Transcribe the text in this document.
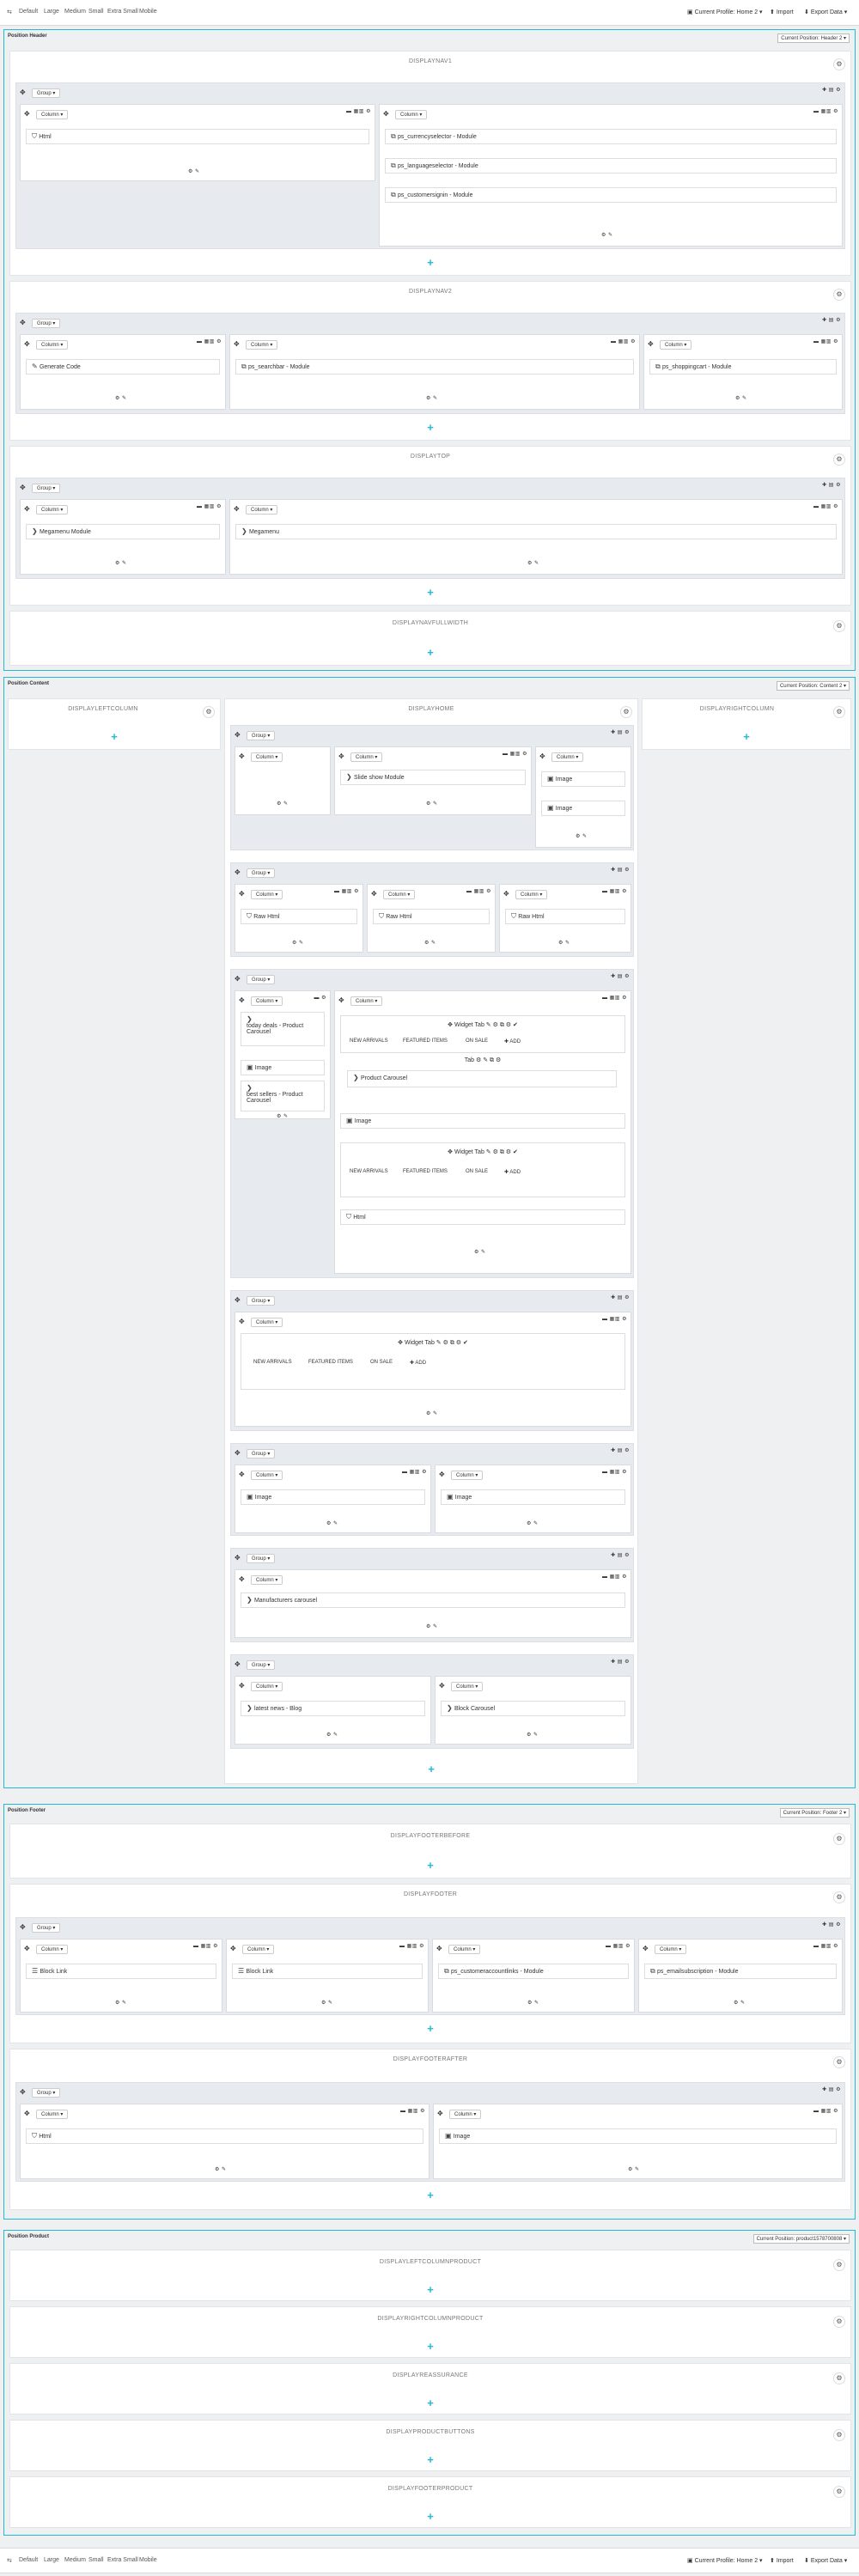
⇆ Default Large Medium Small Extra Small Mobile	▣ Current Profile: Home 2 ▾ ⬆ Import ⬇ Export Data ▾
Position Header	Current Position: Header 2 ▾
DISPLAYNAV1	⚙
✥	Group ▾
✚ ▤ ⚙
✥	Column ▾
▬ ▦▥ ⚙
⛉ Html
⚙ ✎
✥	Column ▾
▬ ▦▥ ⚙
⧉ ps_currencyselector - Module
⧉ ps_languageselector - Module
⧉ ps_customersignin - Module
⚙ ✎
+
DISPLAYNAV2	⚙
✥	Group ▾
✚ ▤ ⚙
✥	Column ▾
▬ ▦▥ ⚙
✎ Generate Code
⚙ ✎
✥	Column ▾
▬ ▦▥ ⚙
⧉ ps_searchbar - Module
⚙ ✎
✥	Column ▾
▬ ▦▥ ⚙
⧉ ps_shoppingcart - Module
⚙ ✎
+
DISPLAYTOP	⚙
✥	Group ▾
✚ ▤ ⚙
✥	Column ▾
▬ ▦▥ ⚙
❯ Megamenu Module
⚙ ✎
✥	Column ▾
▬ ▦▥ ⚙
❯ Megamenu
⚙ ✎
+
DISPLAYNAVFULLWIDTH	⚙
+
Position Content	Current Position: Content 2 ▾
DISPLAYLEFTCOLUMN	⚙
+
DISPLAYRIGHTCOLUMN	⚙
+
DISPLAYHOME	⚙
✥	Group ▾
✚ ▤ ⚙
✥	Column ▾
⚙ ✎
✥	Column ▾
▬ ▦▥ ⚙
❯ Slide show Module
⚙ ✎
✥	Column ▾
▣ Image
▣ Image
⚙ ✎
✥	Group ▾
✚ ▤ ⚙
✥	Column ▾
▬ ▦▥ ⚙
⛉ Raw Html
⚙ ✎
✥	Column ▾
▬ ▦▥ ⚙
⛉ Raw Html
⚙ ✎
✥	Column ▾
▬ ▦▥ ⚙
⛉ Raw Html
⚙ ✎
✥	Group ▾
✚ ▤ ⚙
✥	Column ▾
▬ ⚙
❯
today deals - Product Carousel
▣ Image
❯
best sellers - Product Carousel
⚙ ✎
✥	Column ▾
▬ ▦▥ ⚙
✥ Widget Tab ✎ ⚙ ⧉ ⚙ ✔
NEW ARRIVALS	FEATURED ITEMS	ON SALE	✚ ADD
Tab ⚙ ✎ ⧉ ⚙
❯ Product Carousel
▣ Image
✥ Widget Tab ✎ ⚙ ⧉ ⚙ ✔
NEW ARRIVALS	FEATURED ITEMS	ON SALE	✚ ADD
⛉ Html
⚙ ✎
✥	Group ▾
✚ ▤ ⚙
✥	Column ▾
▬ ▦▥ ⚙
✥ Widget Tab ✎ ⚙ ⧉ ⚙ ✔
NEW ARRIVALS	FEATURED ITEMS	ON SALE	✚ ADD
⚙ ✎
✥	Group ▾
✚ ▤ ⚙
✥	Column ▾
▬ ▦▥ ⚙
▣ Image
⚙ ✎
✥	Column ▾
▬ ▦▥ ⚙
▣ Image
⚙ ✎
✥	Group ▾
✚ ▤ ⚙
✥	Column ▾
▬ ▦▥ ⚙
❯ Manufacturers carousel
⚙ ✎
✥	Group ▾
✚ ▤ ⚙
✥	Column ▾
❯ latest news - Blog
⚙ ✎
✥	Column ▾
❯ Block Carousel
⚙ ✎
+
Position Footer	Current Position: Footer 2 ▾
DISPLAYFOOTERBEFORE	⚙
+
DISPLAYFOOTER	⚙
✥	Group ▾
✚ ▤ ⚙
✥	Column ▾
▬ ▦▥ ⚙
☰ Block Link
⚙ ✎
✥	Column ▾
▬ ▦▥ ⚙
☰ Block Link
⚙ ✎
✥	Column ▾
▬ ▦▥ ⚙
⧉ ps_customeraccountlinks - Module
⚙ ✎
✥	Column ▾
▬ ▦▥ ⚙
⧉ ps_emailsubscription - Module
⚙ ✎
+
DISPLAYFOOTERAFTER	⚙
✥	Group ▾
✚ ▤ ⚙
✥	Column ▾
▬ ▦▥ ⚙
⛉ Html
⚙ ✎
✥	Column ▾
▬ ▦▥ ⚙
▣ Image
⚙ ✎
+
Position Product	Current Position: product1578700808 ▾
DISPLAYLEFTCOLUMNPRODUCT	⚙
+
DISPLAYRIGHTCOLUMNPRODUCT	⚙
+
DISPLAYREASSURANCE	⚙
+
DISPLAYPRODUCTBUTTONS	⚙
+
DISPLAYFOOTERPRODUCT	⚙
+
⇆ Default Large Medium Small Extra Small Mobile	▣ Current Profile: Home 2 ▾ ⬆ Import ⬇ Export Data ▾
